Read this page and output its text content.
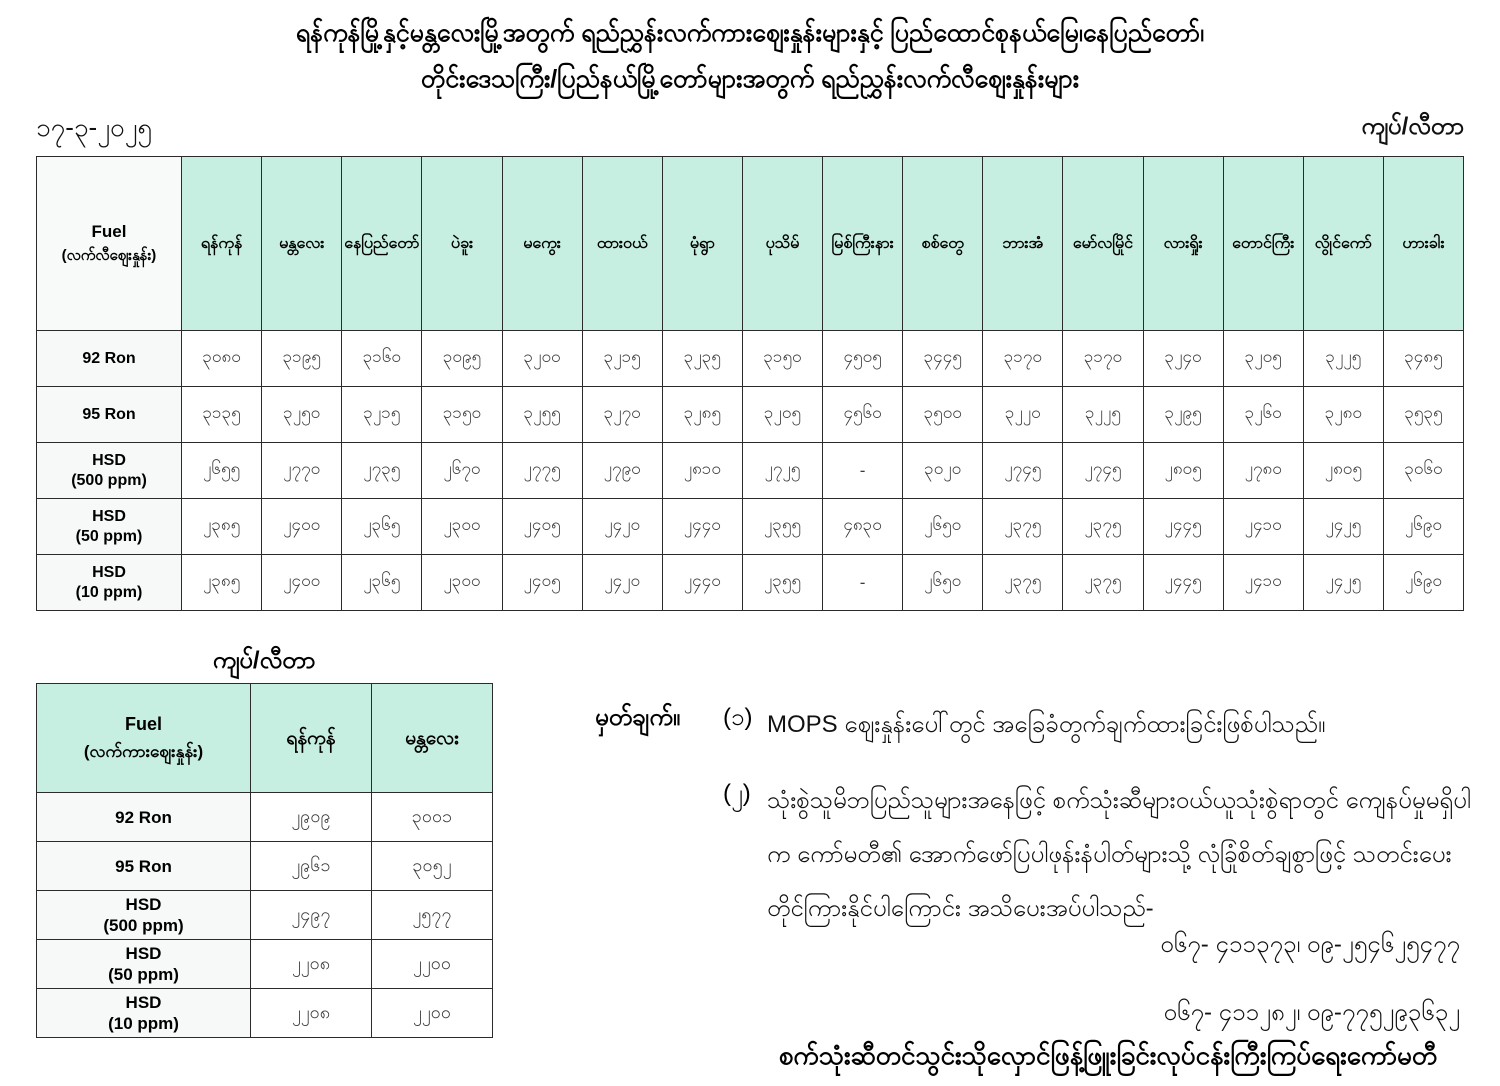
ရန်ကုန်မြို့နှင့်မန္တလေးမြို့အတွက် ရည်ညွှန်းလက်ကားဈေးနှုန်းများနှင့် ပြည်ထောင်စုနယ်မြေ၊နေပြည်တော်၊
တိုင်းဒေသကြီး/ပြည်နယ်မြို့တော်များအတွက် ရည်ညွှန်းလက်လီဈေးနှုန်းများ
၁၇-၃-၂၀၂၅	ကျပ်/လီတာ
Fuel
(လက်လီဈေးနှုန်း)	ရန်ကုန်	မန္တလေး	နေပြည်တော်	ပဲခူး	မကွေး	ထားဝယ်	မုံရွာ	ပုသိမ်	မြစ်ကြီးနား	စစ်တွေ	ဘားအံ	မော်လမြိုင်	လားရှိုး	တောင်ကြီး	လွိုင်ကော်	ဟားခါး

92 Ron	၃၀၈၀	၃၁၉၅	၃၁၆၀	၃၀၉၅	၃၂၀၀	၃၂၁၅	၃၂၃၅	၃၁၅၀	၄၅၀၅	၃၄၄၅	၃၁၇၀	၃၁၇၀	၃၂၄၀	၃၂၀၅	၃၂၂၅	၃၄၈၅

95 Ron	၃၁၃၅	၃၂၅၀	၃၂၁၅	၃၁၅၀	၃၂၅၅	၃၂၇၀	၃၂၈၅	၃၂၀၅	၄၅၆၀	၃၅၀၀	၃၂၂၀	၃၂၂၅	၃၂၉၅	၃၂၆၀	၃၂၈၀	၃၅၃၅

HSD
(500 ppm)	၂၆၅၅	၂၇၇၀	၂၇၃၅	၂၆၇၀	၂၇၇၅	၂၇၉၀	၂၈၁၀	၂၇၂၅	-	၃၀၂၀	၂၇၄၅	၂၇၄၅	၂၈၀၅	၂၇၈၀	၂၈၀၅	၃၀၆၀

HSD
(50 ppm)	၂၃၈၅	၂၄၀၀	၂၃၆၅	၂၃၀၀	၂၄၀၅	၂၄၂၀	၂၄၄၀	၂၃၅၅	၄၈၃၀	၂၆၅၀	၂၃၇၅	၂၃၇၅	၂၄၄၅	၂၄၁၀	၂၄၂၅	၂၆၉၀

HSD
(10 ppm)	၂၃၈၅	၂၄၀၀	၂၃၆၅	၂၃၀၀	၂၄၀၅	၂၄၂၀	၂၄၄၀	၂၃၅၅	-	၂၆၅၀	၂၃၇၅	၂၃၇၅	၂၄၄၅	၂၄၁၀	၂၄၂၅	၂၆၉၀
ကျပ်/လီတာ
Fuel
(လက်ကားဈေးနှုန်း)	ရန်ကုန်	မန္တလေး

92 Ron	၂၉၀၉	၃၀၀၁

95 Ron	၂၉၆၁	၃၀၅၂

HSD
(500 ppm)	၂၄၉၇	၂၅၇၇

HSD
(50 ppm)	၂၂၀၈	၂၂၀၀

HSD
(10 ppm)	၂၂၀၈	၂၂၀၀
မှတ်ချက်။	(၁) MOPS ဈေးနှုန်းပေါ်တွင် အခြေခံတွက်ချက်ထားခြင်းဖြစ်ပါသည်။
(၂) သုံးစွဲသူမိဘပြည်သူများအနေဖြင့် စက်သုံးဆီများဝယ်ယူသုံးစွဲရာတွင် ကျေနပ်မှုမရှိပါက ကော်မတီ၏ အောက်ဖော်ပြပါဖုန်းနံပါတ်များသို့ လုံခြုံစိတ်ချစွာဖြင့် သတင်းပေး တိုင်ကြားနိုင်ပါကြောင်း အသိပေးအပ်ပါသည်-
၀၆၇- ၄၁၁၃၇၃၊ ၀၉-၂၅၄၆၂၅၄၇၇
၀၆၇- ၄၁၁၂၈၂၊ ၀၉-၇၇၅၂၉၃၆၃၂
စက်သုံးဆီတင်သွင်းသိုလှောင်ဖြန့်ဖြူးခြင်းလုပ်ငန်းကြီးကြပ်ရေးကော်မတီ
